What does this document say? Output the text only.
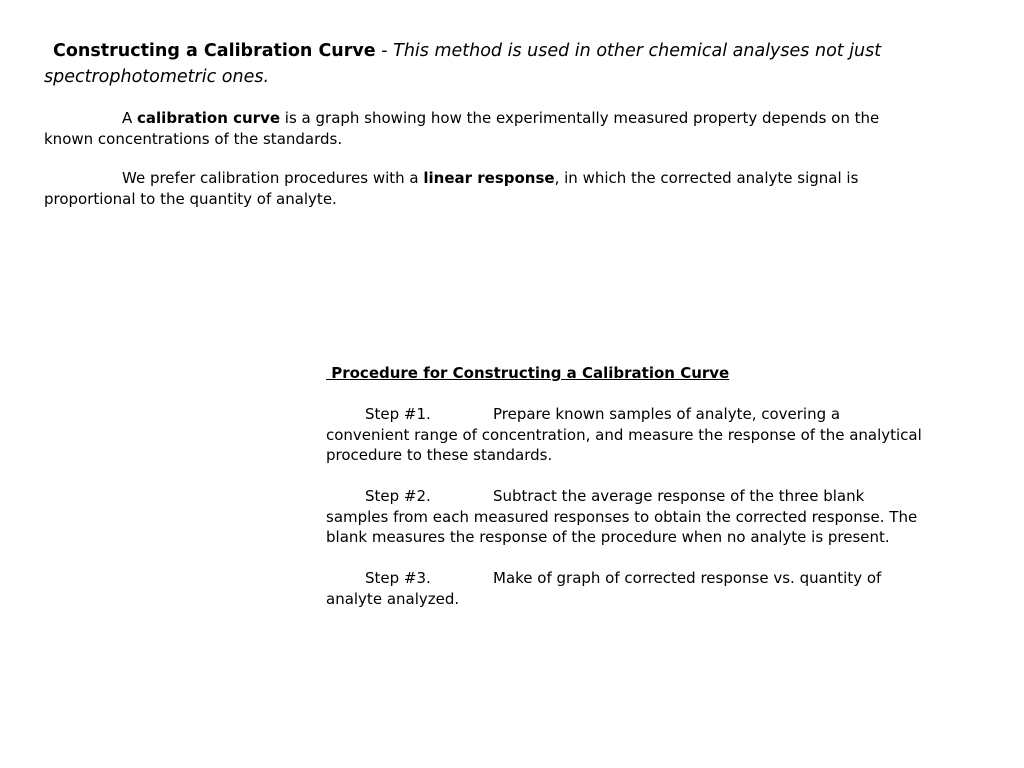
Constructing a Calibration Curve - This method is used in other chemical analyses not just spectrophotometric ones.

A calibration curve is a graph showing how the experimentally measured property depends on the known concentrations of the standards.

We prefer calibration procedures with a linear response, in which the corrected analyte signal is proportional to the quantity of analyte.

Procedure for Constructing a Calibration Curve

Step #1.	Prepare known samples of analyte, covering a convenient range of concentration, and measure the response of the analytical procedure to these standards.

Step #2.	Subtract the average response of the three blank samples from each measured responses to obtain the corrected response. The blank measures the response of the procedure when no analyte is present.

Step #3.	Make of graph of corrected response vs. quantity of analyte analyzed.
